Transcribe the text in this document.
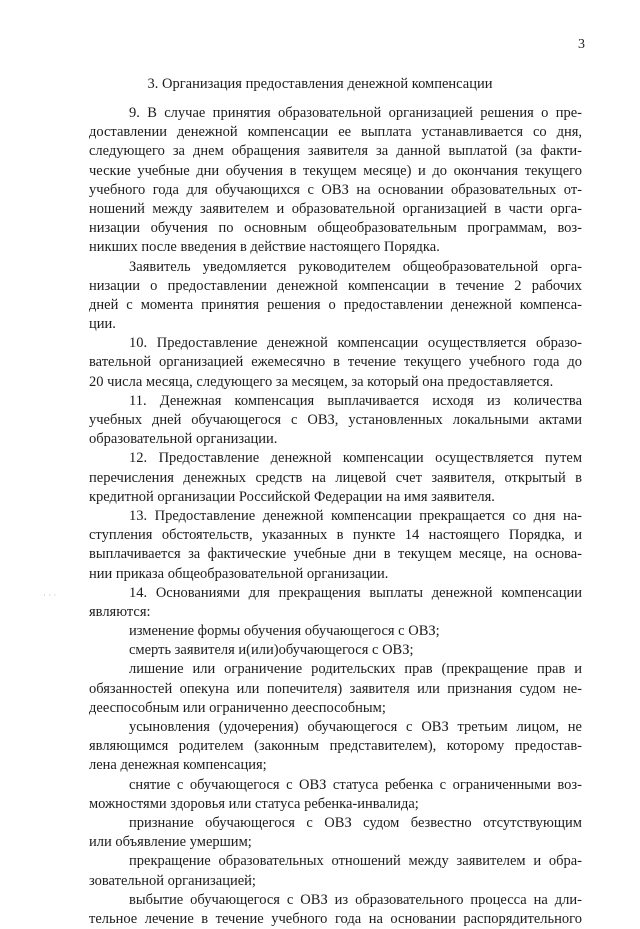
3
3. Организация предоставления денежной компенсации
· · ·
9. В случае принятия образовательной организацией решения о пре-
доставлении денежной компенсации ее выплата устанавливается со дня,
следующего за днем обращения заявителя за данной выплатой (за факти-
ческие учебные дни обучения в текущем месяце) и до окончания текущего
учебного года для обучающихся с ОВЗ на основании образовательных от-
ношений между заявителем и образовательной организацией в части орга-
низации обучения по основным общеобразовательным программам, воз-
никших после введения в действие настоящего Порядка.
Заявитель уведомляется руководителем общеобразовательной орга-
низации о предоставлении денежной компенсации в течение 2 рабочих
дней с момента принятия решения о предоставлении денежной компенса-
ции.
10. Предоставление денежной компенсации осуществляется образо-
вательной организацией ежемесячно в течение текущего учебного года до
20 числа месяца, следующего за месяцем, за который она предоставляется.
11. Денежная компенсация выплачивается исходя из количества
учебных дней обучающегося с ОВЗ, установленных локальными актами
образовательной организации.
12. Предоставление денежной компенсации осуществляется путем
перечисления денежных средств на лицевой счет заявителя, открытый в
кредитной организации Российской Федерации на имя заявителя.
13. Предоставление денежной компенсации прекращается со дня на-
ступления обстоятельств, указанных в пункте 14 настоящего Порядка, и
выплачивается за фактические учебные дни в текущем месяце, на основа-
нии приказа общеобразовательной организации.
14. Основаниями для прекращения выплаты денежной компенсации
являются:
изменение формы обучения обучающегося с ОВЗ;
смерть заявителя и(или)обучающегося с ОВЗ;
лишение или ограничение родительских прав (прекращение прав и
обязанностей опекуна или попечителя) заявителя или признания судом не-
дееспособным или ограниченно дееспособным;
усыновления (удочерения) обучающегося с ОВЗ третьим лицом, не
являющимся родителем (законным представителем), которому предостав-
лена денежная компенсация;
снятие с обучающегося с ОВЗ статуса ребенка с ограниченными воз-
можностями здоровья или статуса ребенка-инвалида;
признание обучающегося с ОВЗ судом безвестно отсутствующим
или объявление умершим;
прекращение образовательных отношений между заявителем и обра-
зовательной организацией;
выбытие обучающегося с ОВЗ из образовательного процесса на дли-
тельное лечение в течение учебного года на основании распорядительного
